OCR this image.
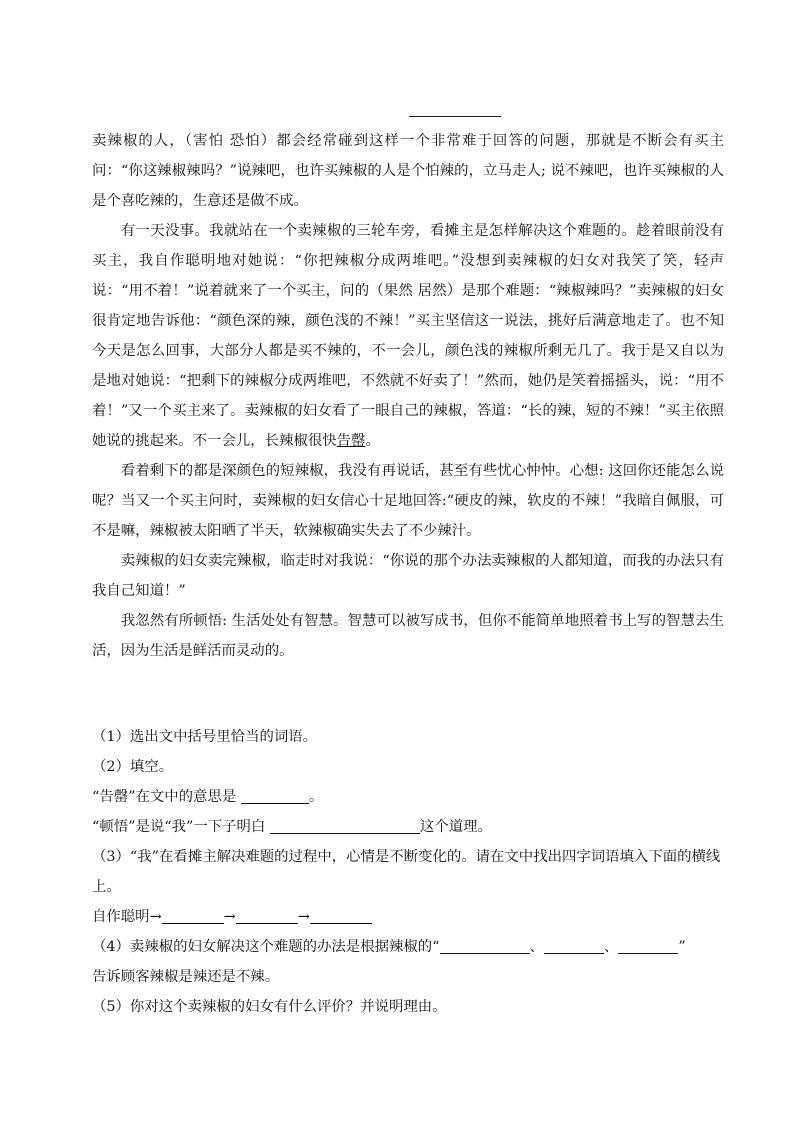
卖辣椒的人，（害怕 恐怕）都会经常碰到这样一个非常难于回答的问题，那就是不断会有买主问：“你这辣椒辣吗？”说辣吧，也许买辣椒的人是个怕辣的，立马走人; 说不辣吧，也许买辣椒的人是个喜吃辣的，生意还是做不成。

有一天没事。我就站在一个卖辣椒的三轮车旁，看摊主是怎样解决这个难题的。趁着眼前没有买主，我自作聪明地对她说：“你把辣椒分成两堆吧。”没想到卖辣椒的妇女对我笑了笑，轻声说：“用不着！”说着就来了一个买主，问的（果然 居然）是那个难题：“辣椒辣吗？”卖辣椒的妇女很肯定地告诉他：“颜色深的辣，颜色浅的不辣！”买主坚信这一说法，挑好后满意地走了。也不知今天是怎么回事，大部分人都是买不辣的，不一会儿，颜色浅的辣椒所剩无几了。我于是又自以为是地对她说：“把剩下的辣椒分成两堆吧，不然就不好卖了！”然而，她仍是笑着摇摇头，说：“用不着！”又一个买主来了。卖辣椒的妇女看了一眼自己的辣椒，答道：“长的辣，短的不辣！”买主依照她说的挑起来。不一会儿，长辣椒很快告罄。

看着剩下的都是深颜色的短辣椒，我没有再说话，甚至有些忧心忡忡。心想: 这回你还能怎么说呢？当又一个买主问时，卖辣椒的妇女信心十足地回答:“硬皮的辣，软皮的不辣！”我暗自佩服，可不是嘛，辣椒被太阳晒了半天，软辣椒确实失去了不少辣汁。

卖辣椒的妇女卖完辣椒，临走时对我说：“你说的那个办法卖辣椒的人都知道，而我的办法只有我自己知道！”

我忽然有所顿悟: 生活处处有智慧。智慧可以被写成书，但你不能简单地照着书上写的智慧去生活，因为生活是鲜活而灵动的。

（1）选出文中括号里恰当的词语。

（2）填空。

“告罄”在文中的意思是	。

“顿悟”是说“我”一下子明白	这个道理。

（3）“我”在看摊主解决难题的过程中，心情是不断变化的。请在文中找出四字词语填入下面的横线上。

自作聪明→	→	→

（4）卖辣椒的妇女解决这个难题的办法是根据辣椒的“	、	、	”

告诉顾客辣椒是辣还是不辣。

（5）你对这个卖辣椒的妇女有什么评价？并说明理由。
